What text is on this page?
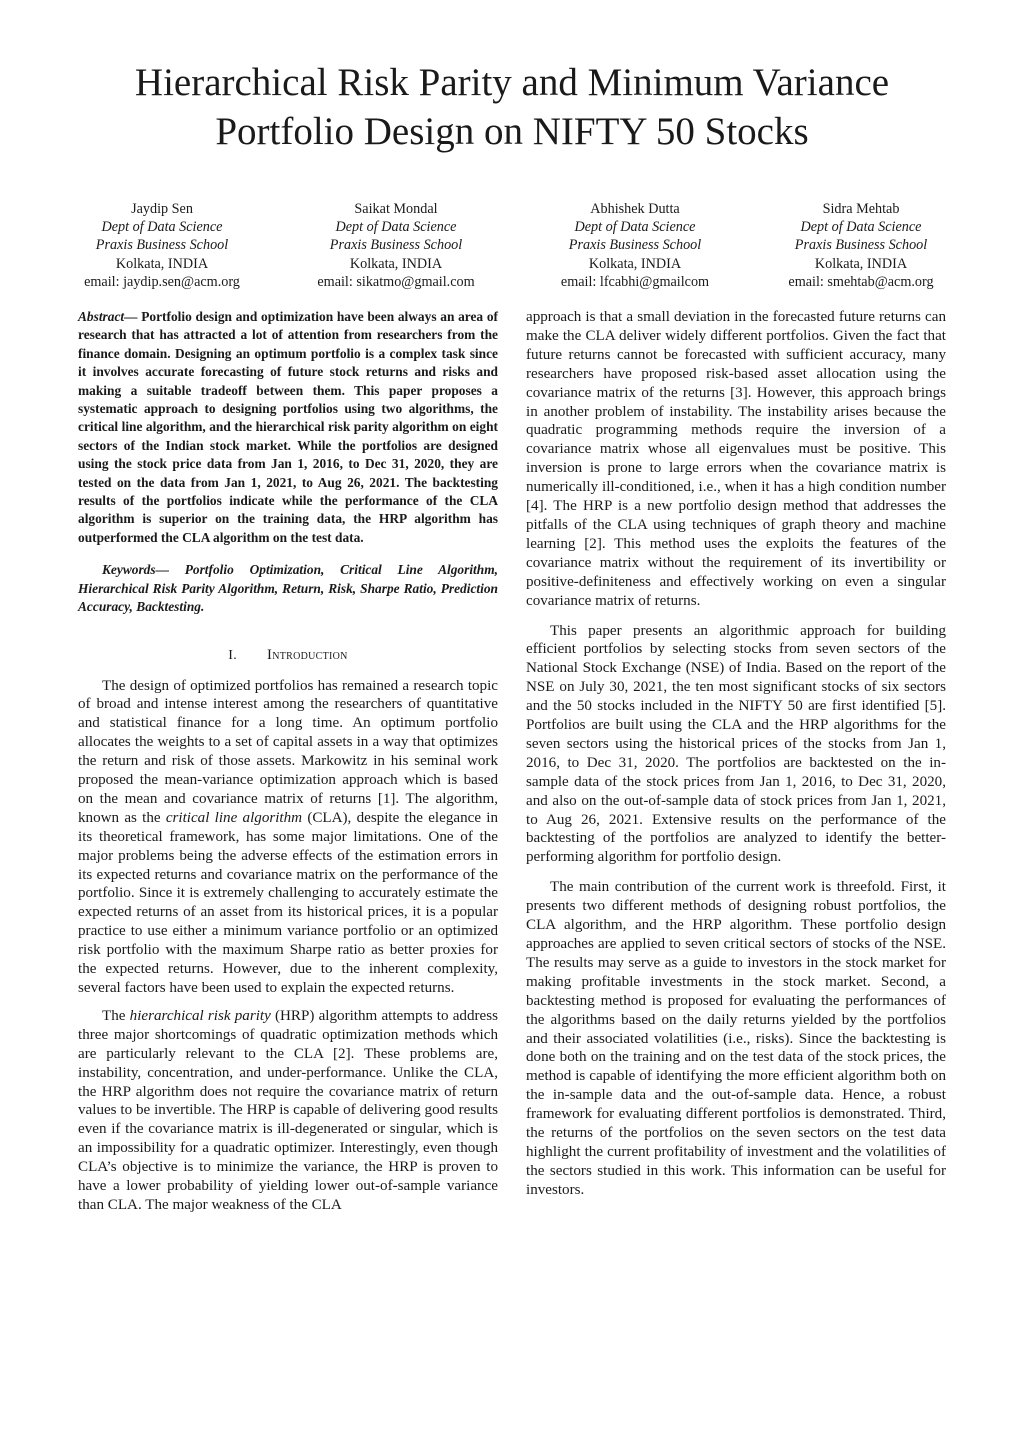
Hierarchical Risk Parity and Minimum Variance
Portfolio Design on NIFTY 50 Stocks
Jaydip Sen
Dept of Data Science
Praxis Business School
Kolkata, INDIA
email: jaydip.sen@acm.org
Saikat Mondal
Dept of Data Science
Praxis Business School
Kolkata, INDIA
email: sikatmo@gmail.com
Abhishek Dutta
Dept of Data Science
Praxis Business School
Kolkata, INDIA
email: lfcabhi@gmailcom
Sidra Mehtab
Dept of Data Science
Praxis Business School
Kolkata, INDIA
email: smehtab@acm.org

Abstract— Portfolio design and optimization have been always an area of research that has attracted a lot of attention from researchers from the finance domain. Designing an optimum portfolio is a complex task since it involves accurate forecasting of future stock returns and risks and making a suitable tradeoff between them. This paper proposes a systematic approach to designing portfolios using two algorithms, the critical line algorithm, and the hierarchical risk parity algorithm on eight sectors of the Indian stock market. While the portfolios are designed using the stock price data from Jan 1, 2016, to Dec 31, 2020, they are tested on the data from Jan 1, 2021, to Aug 26, 2021. The backtesting results of the portfolios indicate while the performance of the CLA algorithm is superior on the training data, the HRP algorithm has outperformed the CLA algorithm on the test data.

Keywords— Portfolio Optimization, Critical Line Algorithm, Hierarchical Risk Parity Algorithm, Return, Risk, Sharpe Ratio, Prediction Accuracy, Backtesting.

I. Introduction

The design of optimized portfolios has remained a research topic of broad and intense interest among the researchers of quantitative and statistical finance for a long time. An optimum portfolio allocates the weights to a set of capital assets in a way that optimizes the return and risk of those assets. Markowitz in his seminal work proposed the mean-variance optimization approach which is based on the mean and covariance matrix of returns [1]. The algorithm, known as the critical line algorithm (CLA), despite the elegance in its theoretical framework, has some major limitations. One of the major problems being the adverse effects of the estimation errors in its expected returns and covariance matrix on the performance of the portfolio. Since it is extremely challenging to accurately estimate the expected returns of an asset from its historical prices, it is a popular practice to use either a minimum variance portfolio or an optimized risk portfolio with the maximum Sharpe ratio as better proxies for the expected returns. However, due to the inherent complexity, several factors have been used to explain the expected returns.

The hierarchical risk parity (HRP) algorithm attempts to address three major shortcomings of quadratic optimization methods which are particularly relevant to the CLA [2]. These problems are, instability, concentration, and under-performance. Unlike the CLA, the HRP algorithm does not require the covariance matrix of return values to be invertible. The HRP is capable of delivering good results even if the covariance matrix is ill-degenerated or singular, which is an impossibility for a quadratic optimizer. Interestingly, even though CLA’s objective is to minimize the variance, the HRP is proven to have a lower probability of yielding lower out-of-sample variance than CLA. The major weakness of the CLA

approach is that a small deviation in the forecasted future returns can make the CLA deliver widely different portfolios. Given the fact that future returns cannot be forecasted with sufficient accuracy, many researchers have proposed risk-based asset allocation using the covariance matrix of the returns [3]. However, this approach brings in another problem of instability. The instability arises because the quadratic programming methods require the inversion of a covariance matrix whose all eigenvalues must be positive. This inversion is prone to large errors when the covariance matrix is numerically ill-conditioned, i.e., when it has a high condition number [4]. The HRP is a new portfolio design method that addresses the pitfalls of the CLA using techniques of graph theory and machine learning [2]. This method uses the exploits the features of the covariance matrix without the requirement of its invertibility or positive-definiteness and effectively working on even a singular covariance matrix of returns.

This paper presents an algorithmic approach for building efficient portfolios by selecting stocks from seven sectors of the National Stock Exchange (NSE) of India. Based on the report of the NSE on July 30, 2021, the ten most significant stocks of six sectors and the 50 stocks included in the NIFTY 50 are first identified [5]. Portfolios are built using the CLA and the HRP algorithms for the seven sectors using the historical prices of the stocks from Jan 1, 2016, to Dec 31, 2020. The portfolios are backtested on the in-sample data of the stock prices from Jan 1, 2016, to Dec 31, 2020, and also on the out-of-sample data of stock prices from Jan 1, 2021, to Aug 26, 2021. Extensive results on the performance of the backtesting of the portfolios are analyzed to identify the better-performing algorithm for portfolio design.

The main contribution of the current work is threefold. First, it presents two different methods of designing robust portfolios, the CLA algorithm, and the HRP algorithm. These portfolio design approaches are applied to seven critical sectors of stocks of the NSE. The results may serve as a guide to investors in the stock market for making profitable investments in the stock market. Second, a backtesting method is proposed for evaluating the performances of the algorithms based on the daily returns yielded by the portfolios and their associated volatilities (i.e., risks). Since the backtesting is done both on the training and on the test data of the stock prices, the method is capable of identifying the more efficient algorithm both on the in-sample data and the out-of-sample data. Hence, a robust framework for evaluating different portfolios is demonstrated. Third, the returns of the portfolios on the seven sectors on the test data highlight the current profitability of investment and the volatilities of the sectors studied in this work. This information can be useful for investors.
